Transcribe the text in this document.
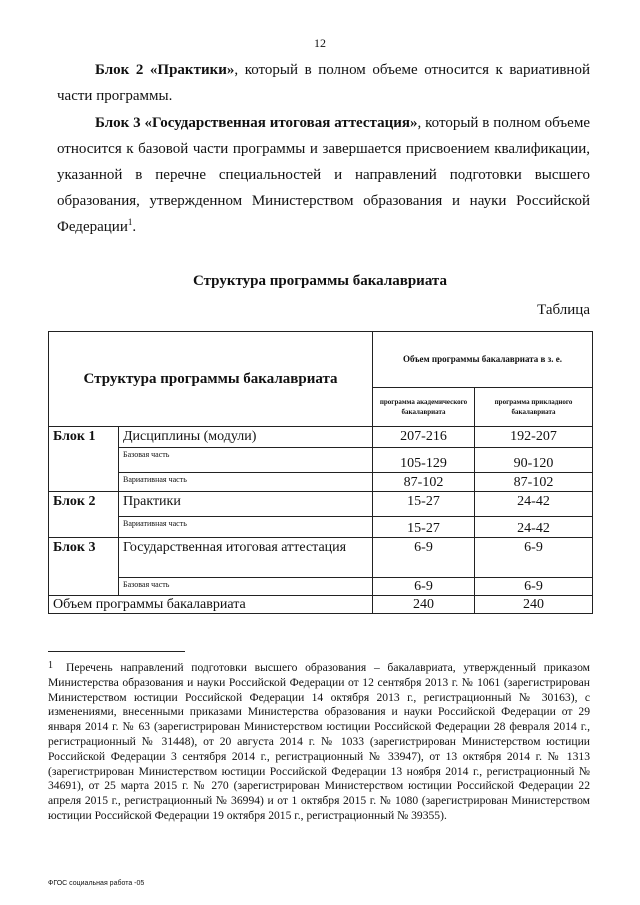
12

Блок 2 «Практики», который в полном объеме относится к вариативной части программы.

Блок 3 «Государственная итоговая аттестация», который в полном объеме относится к базовой части программы и завершается присвоением квалификации, указанной в перечне специальностей и направлений подготовки высшего образования, утвержденном Министерством образования и науки Российской Федерации$^1$.

Структура программы бакалавриата
Таблица
Структура программы бакалавриата		Объем программы бакалавриата в з. е.	
		программа академического бакалавриата	программа прикладного бакалавриата
Блок 1	Дисциплины (модули)	207-216	192-207
	Базовая часть	105-129	90-120
	Вариативная часть	87-102	87-102
Блок 2	Практики	15-27	24-42
	Вариативная часть	15-27	24-42
Блок 3	Государственная итоговая аттестация	6-9	6-9
	Базовая часть	6-9	6-9
Объем программы бакалавриата		240	240

1 Перечень направлений подготовки высшего образования – бакалавриата, утвержденный приказом Министерства образования и науки Российской Федерации от 12 сентября 2013 г. № 1061 (зарегистрирован Министерством юстиции Российской Федерации 14 октября 2013 г., регистрационный № 30163), с изменениями, внесенными приказами Министерства образования и науки Российской Федерации от 29 января 2014 г. № 63 (зарегистрирован Министерством юстиции Российской Федерации 28 февраля 2014 г., регистрационный № 31448), от 20 августа 2014 г. № 1033 (зарегистрирован Министерством юстиции Российской Федерации 3 сентября 2014 г., регистрационный № 33947), от 13 октября 2014 г. № 1313 (зарегистрирован Министерством юстиции Российской Федерации 13 ноября 2014 г., регистрационный № 34691), от 25 марта 2015 г. № 270 (зарегистрирован Министерством юстиции Российской Федерации 22 апреля 2015 г., регистрационный № 36994) и от 1 октября 2015 г. № 1080 (зарегистрирован Министерством юстиции Российской Федерации 19 октября 2015 г., регистрационный № 39355).

ФГОС социальная работа -05
